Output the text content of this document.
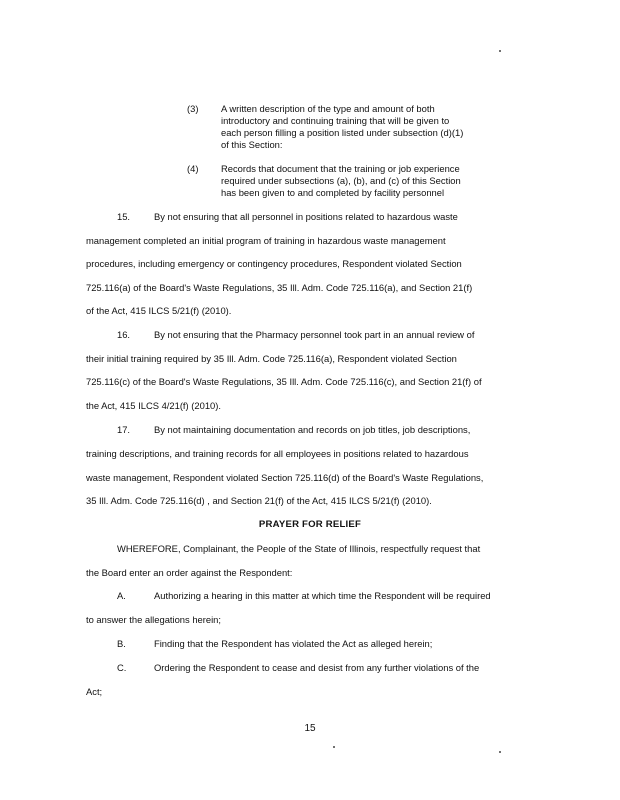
(3)	A written description of the type and amount of both
introductory and continuing training that will be given to
each person filling a position listed under subsection (d)(1)
of this Section:
(4)	Records that document that the training or job experience
required under subsections (a), (b), and (c) of this Section
has been given to and completed by facility personnel
15.	By not ensuring that all personnel in positions related to hazardous waste
management completed an initial program of training in hazardous waste management
procedures, including emergency or contingency procedures, Respondent violated Section
725.116(a) of the Board's Waste Regulations, 35 Ill. Adm. Code 725.116(a), and Section 21(f)
of the Act, 415 ILCS 5/21(f) (2010).
16.	By not ensuring that the Pharmacy personnel took part in an annual review of
their initial training required by 35 Ill. Adm. Code 725.116(a), Respondent violated Section
725.116(c) of the Board's Waste Regulations, 35 Ill. Adm. Code 725.116(c), and Section 21(f) of
the Act, 415 ILCS 4/21(f) (2010).
17.	By not maintaining documentation and records on job titles, job descriptions,
training descriptions, and training records for all employees in positions related to hazardous
waste management, Respondent violated Section 725.116(d) of the Board's Waste Regulations,
35 Ill. Adm. Code 725.116(d) , and Section 21(f) of the Act, 415 ILCS 5/21(f) (2010).
PRAYER FOR RELIEF
WHEREFORE, Complainant, the People of the State of Illinois, respectfully request that
the Board enter an order against the Respondent:
A.	Authorizing a hearing in this matter at which time the Respondent will be required
to answer the allegations herein;
B.	Finding that the Respondent has violated the Act as alleged herein;
C.	Ordering the Respondent to cease and desist from any further violations of the
Act;
15
